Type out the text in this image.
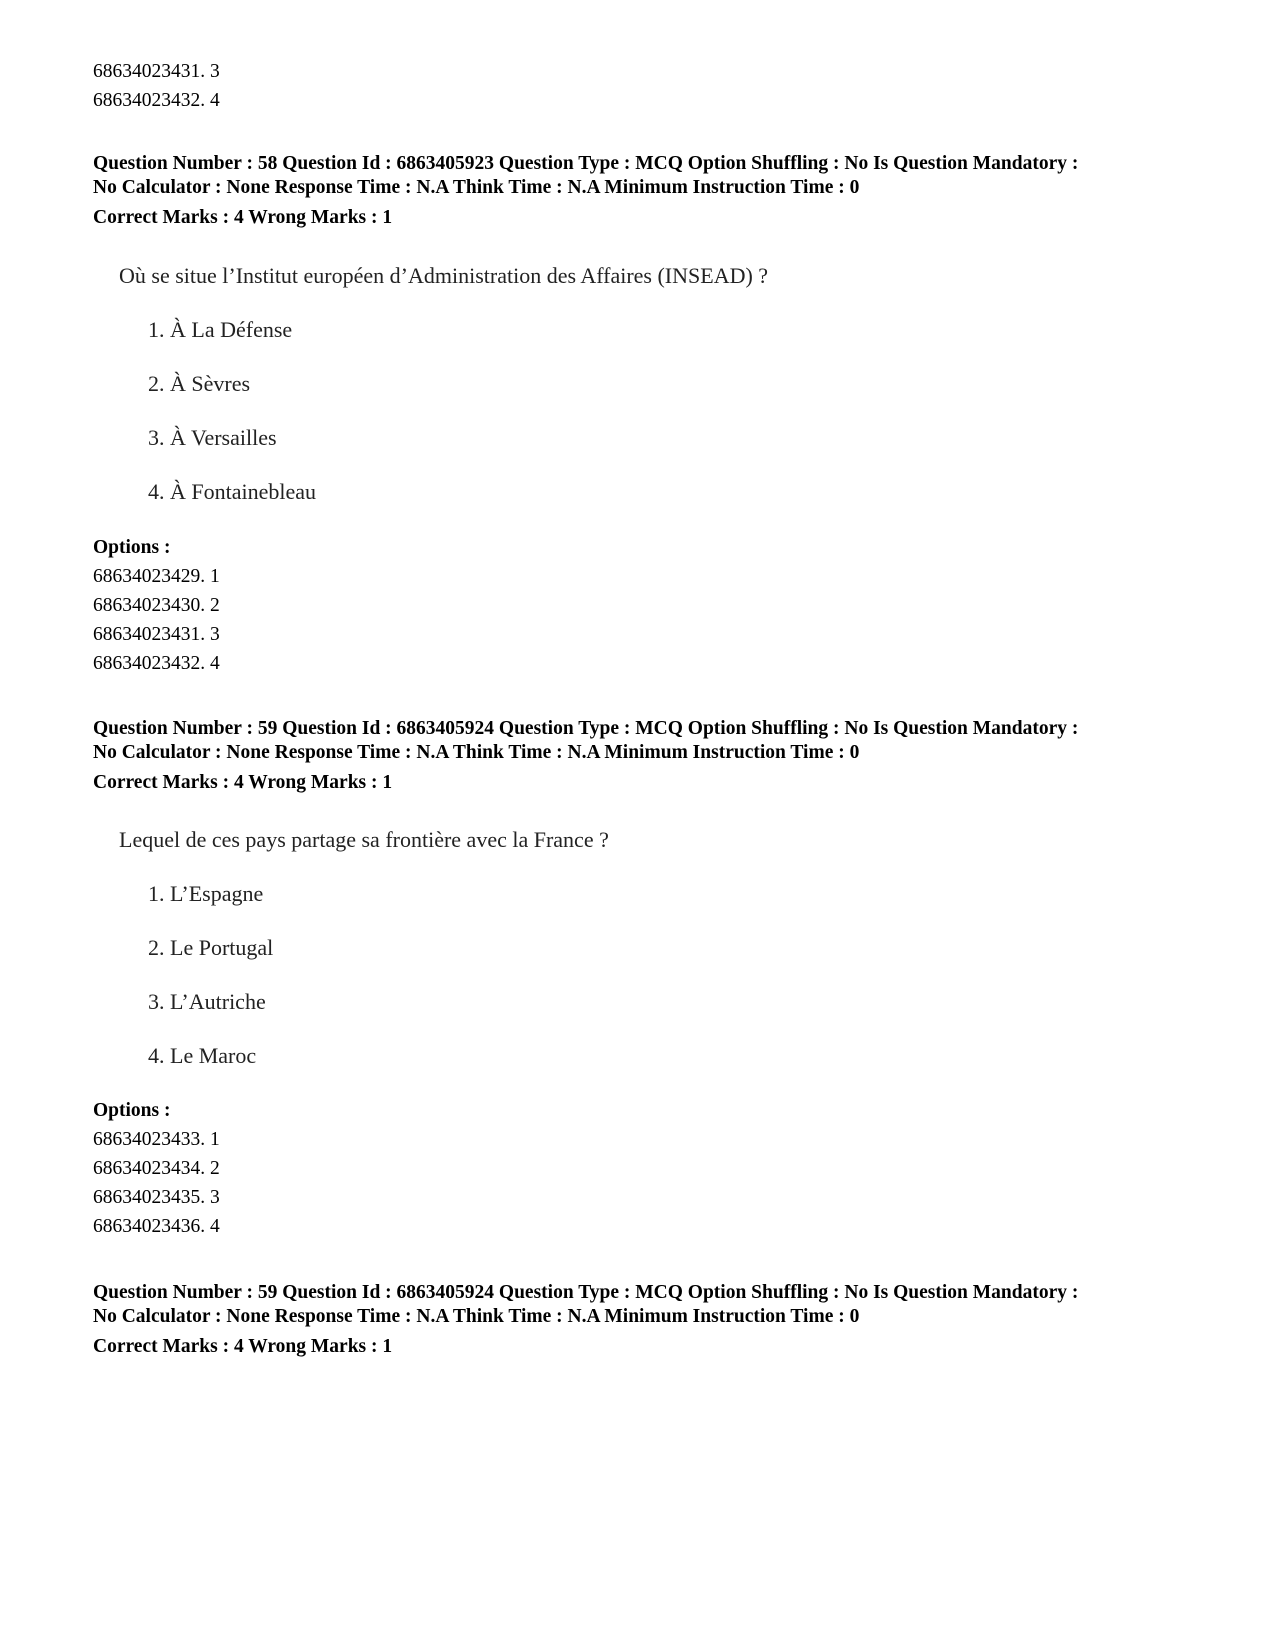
68634023431. 3
68634023432. 4
Question Number : 58 Question Id : 6863405923 Question Type : MCQ Option Shuffling : No Is Question Mandatory :
No Calculator : None Response Time : N.A Think Time : N.A Minimum Instruction Time : 0
Correct Marks : 4 Wrong Marks : 1
Où se situe l’Institut européen d’Administration des Affaires (INSEAD) ?
1. À La Défense
2. À Sèvres
3. À Versailles
4. À Fontainebleau
Options :
68634023429. 1
68634023430. 2
68634023431. 3
68634023432. 4
Question Number : 59 Question Id : 6863405924 Question Type : MCQ Option Shuffling : No Is Question Mandatory :
No Calculator : None Response Time : N.A Think Time : N.A Minimum Instruction Time : 0
Correct Marks : 4 Wrong Marks : 1
Lequel de ces pays partage sa frontière avec la France ?
1. L’Espagne
2. Le Portugal
3. L’Autriche
4. Le Maroc
Options :
68634023433. 1
68634023434. 2
68634023435. 3
68634023436. 4
Question Number : 59 Question Id : 6863405924 Question Type : MCQ Option Shuffling : No Is Question Mandatory :
No Calculator : None Response Time : N.A Think Time : N.A Minimum Instruction Time : 0
Correct Marks : 4 Wrong Marks : 1
